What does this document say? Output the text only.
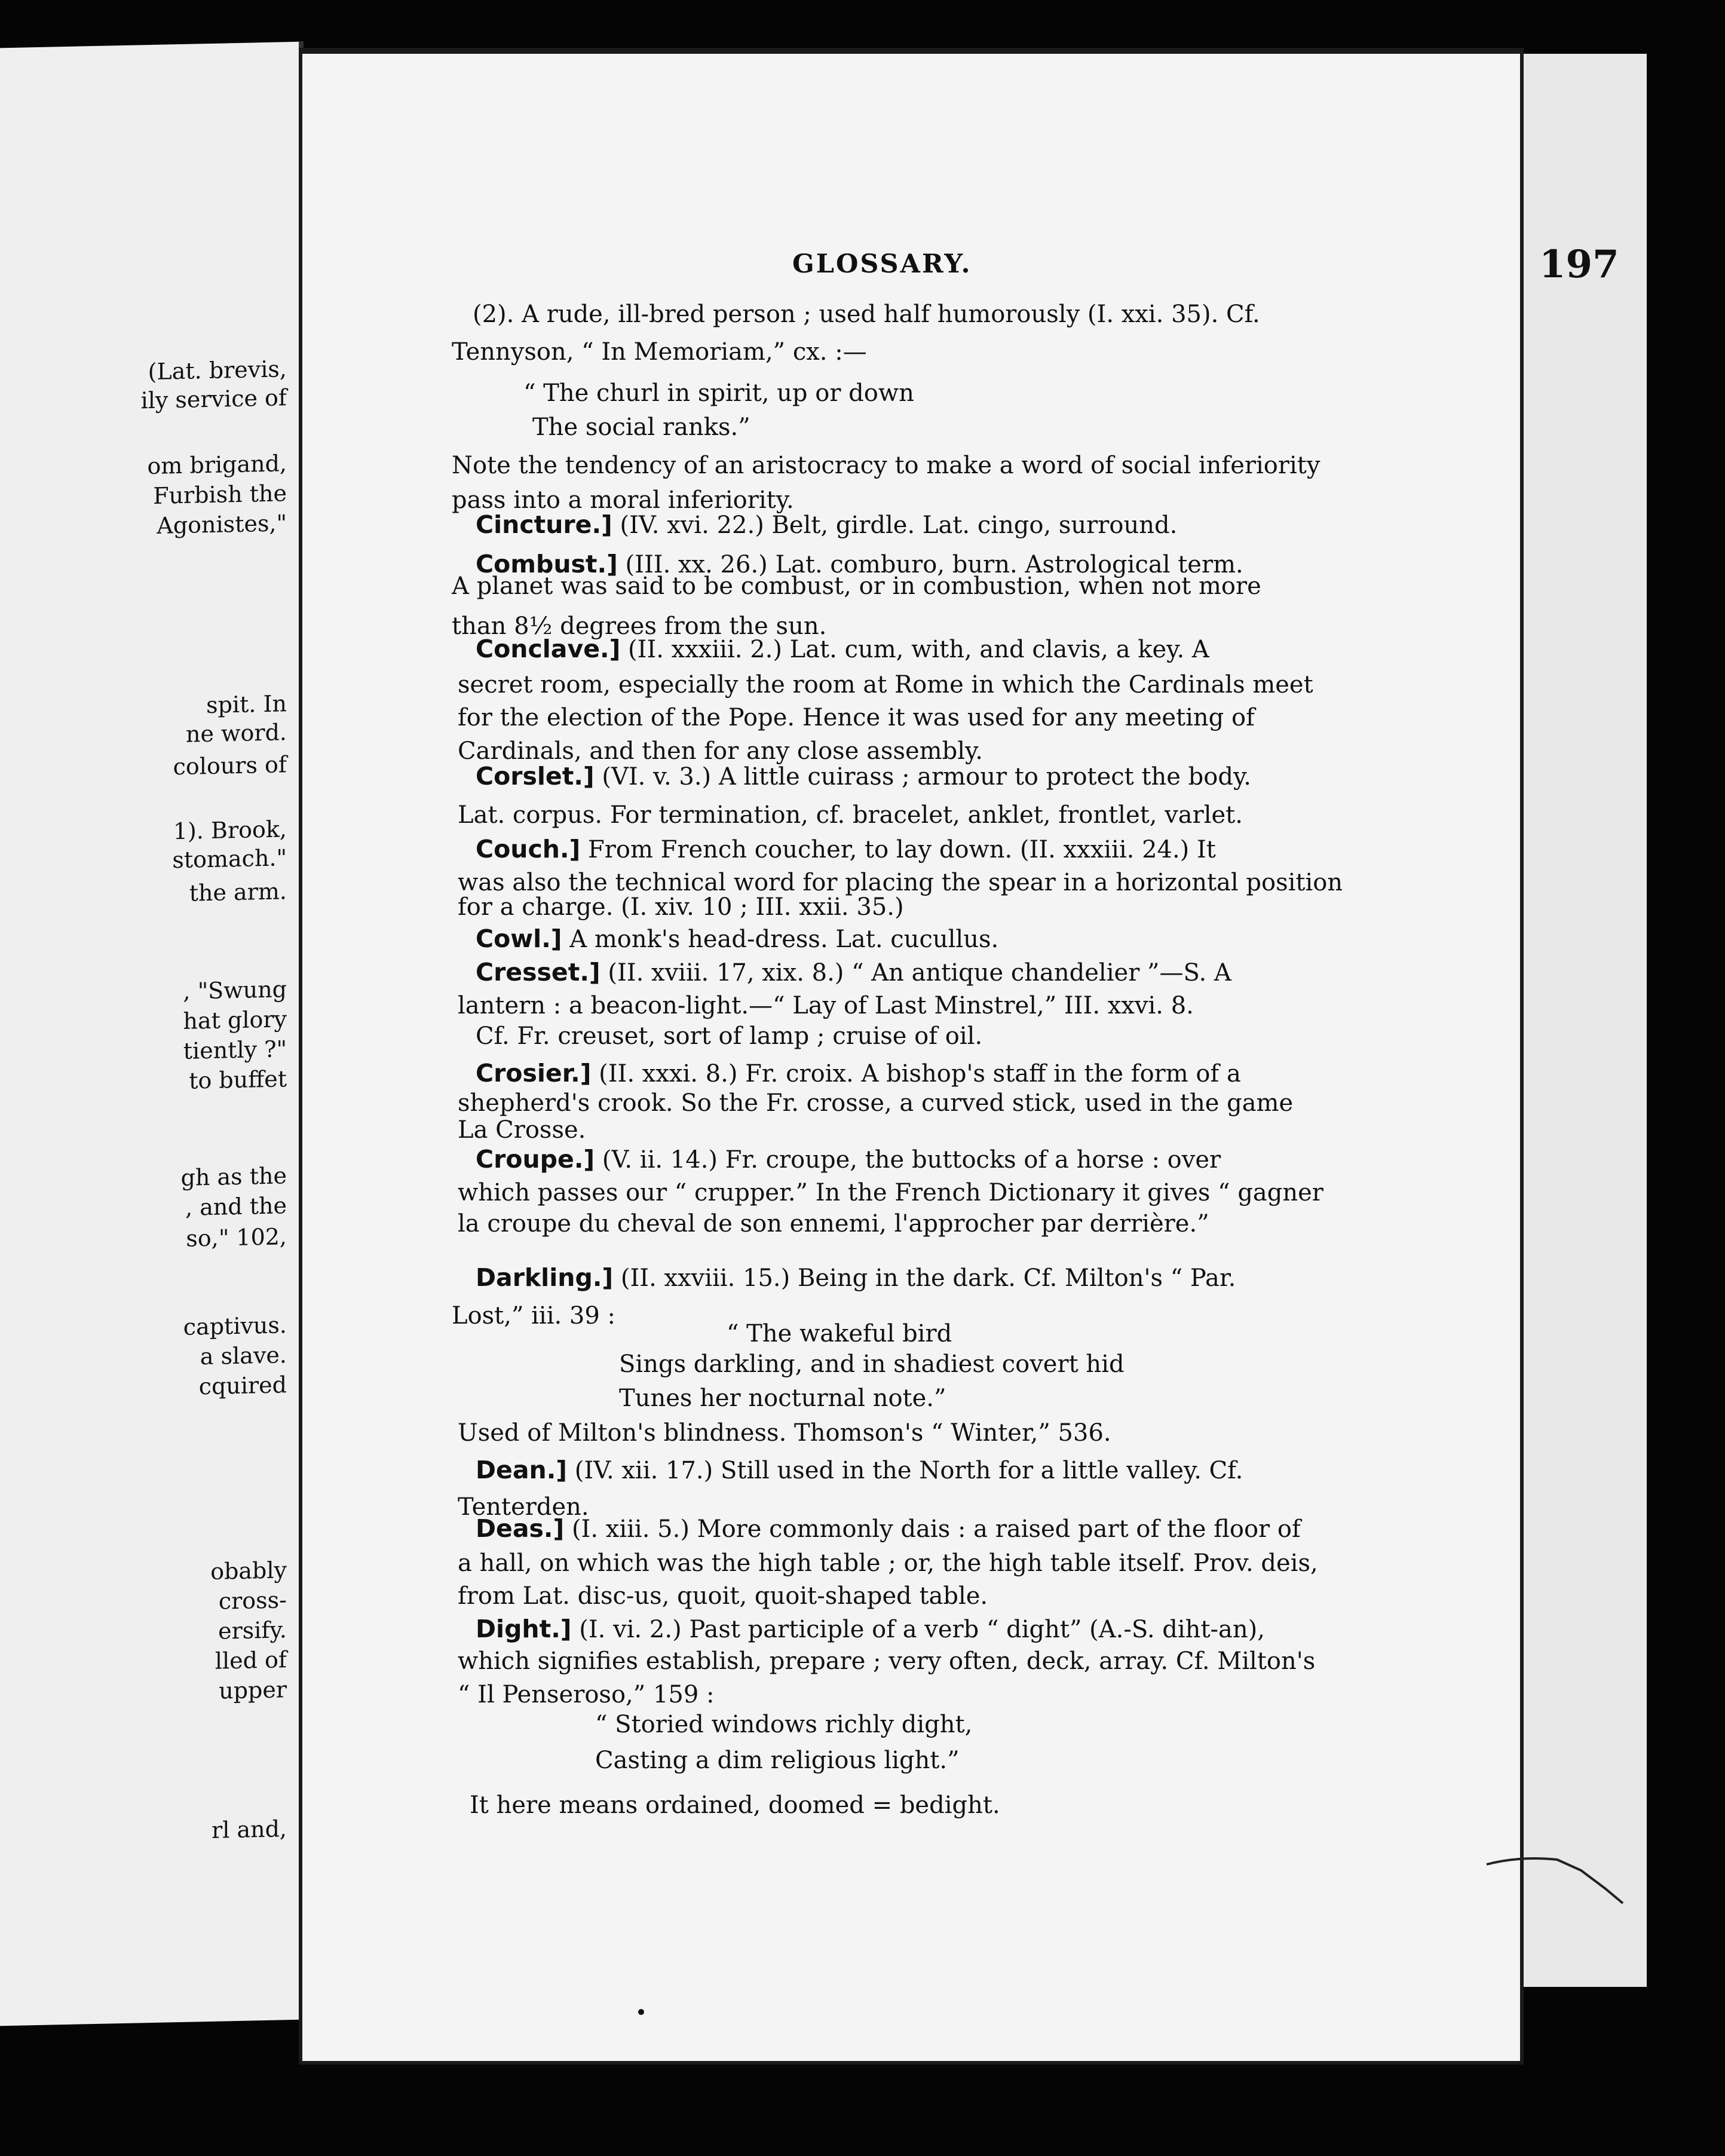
(Lat. brevis,
ily service of
om brigand,
Furbish the
Agonistes,"
spit. In
ne word.
colours of
1). Brook,
stomach."
the arm.
, "Swung
hat glory
tiently ?"
to buffet
gh as the
, and the
so," 102,
captivus.
a slave.
cquired
obably
cross-
ersify.
lled of
upper
rl and,
GLOSSARY.	197
(2). A rude, ill-bred person ; used half humorously (I. xxi. 35). Cf.
Tennyson, “ In Memoriam,” cx. :—
“ The churl in spirit, up or down
The social ranks.”
Note the tendency of an aristocracy to make a word of social inferiority
pass into a moral inferiority.
Cincture.] (IV. xvi. 22.) Belt, girdle. Lat. cingo, surround.
Combust.] (III. xx. 26.) Lat. comburo, burn. Astrological term.
A planet was said to be combust, or in combustion, when not more
than 8½ degrees from the sun.
Conclave.] (II. xxxiii. 2.) Lat. cum, with, and clavis, a key. A
secret room, especially the room at Rome in which the Cardinals meet
for the election of the Pope. Hence it was used for any meeting of
Cardinals, and then for any close assembly.
Corslet.] (VI. v. 3.) A little cuirass ; armour to protect the body.
Lat. corpus. For termination, cf. bracelet, anklet, frontlet, varlet.
Couch.] From French coucher, to lay down. (II. xxxiii. 24.) It
was also the technical word for placing the spear in a horizontal position
for a charge. (I. xiv. 10 ; III. xxii. 35.)
Cowl.] A monk's head-dress. Lat. cucullus.
Cresset.] (II. xviii. 17, xix. 8.) “ An antique chandelier ”—S. A
lantern : a beacon-light.—“ Lay of Last Minstrel,” III. xxvi. 8.
Cf. Fr. creuset, sort of lamp ; cruise of oil.
Crosier.] (II. xxxi. 8.) Fr. croix. A bishop's staff in the form of a
shepherd's crook. So the Fr. crosse, a curved stick, used in the game
La Crosse.
Croupe.] (V. ii. 14.) Fr. croupe, the buttocks of a horse : over
which passes our “ crupper.” In the French Dictionary it gives “ gagner
la croupe du cheval de son ennemi, l'approcher par derrière.”
Darkling.] (II. xxviii. 15.) Being in the dark. Cf. Milton's “ Par.
Lost,” iii. 39 :
“ The wakeful bird
Sings darkling, and in shadiest covert hid
Tunes her nocturnal note.”
Used of Milton's blindness. Thomson's “ Winter,” 536.
Dean.] (IV. xii. 17.) Still used in the North for a little valley. Cf.
Tenterden.
Deas.] (I. xiii. 5.) More commonly dais : a raised part of the floor of
a hall, on which was the high table ; or, the high table itself. Prov. deis,
from Lat. disc-us, quoit, quoit-shaped table.
Dight.] (I. vi. 2.) Past participle of a verb “ dight” (A.-S. diht-an),
which signifies establish, prepare ; very often, deck, array. Cf. Milton's
“ Il Penseroso,” 159 :
“ Storied windows richly dight,
Casting a dim religious light.”
It here means ordained, doomed = bedight.
